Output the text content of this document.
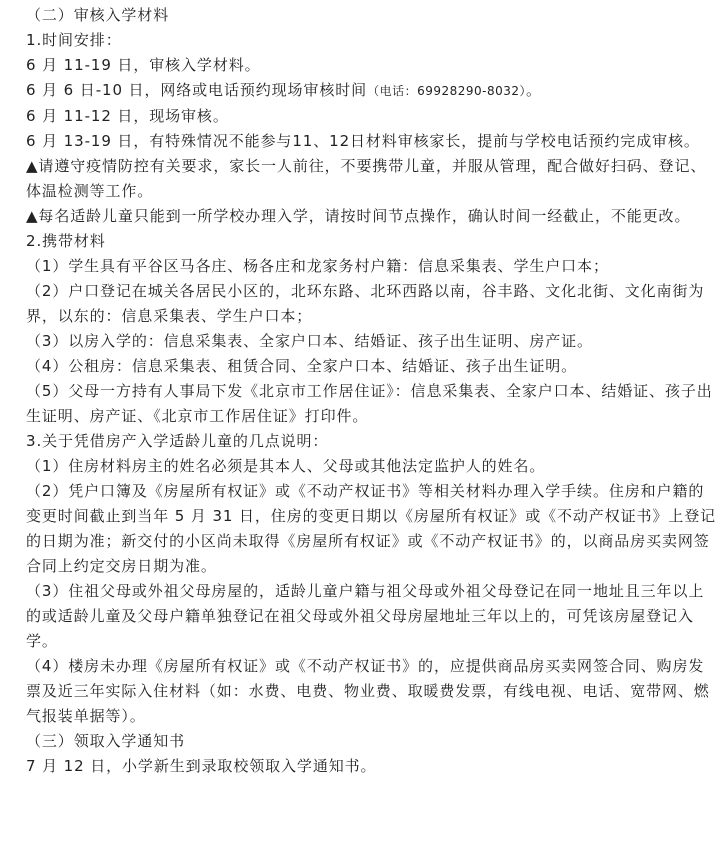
（二）审核入学材料

1.时间安排：

6 月 11-19 日，审核入学材料。

6 月 6 日-10 日，网络或电话预约现场审核时间（电话：69928290-8032）。

6 月 11-12 日，现场审核。

6 月 13-19 日，有特殊情况不能参与11、12日材料审核家长，提前与学校电话预约完成审核。

▲请遵守疫情防控有关要求，家长一人前往，不要携带儿童，并服从管理，配合做好扫码、登记、体温检测等工作。

▲每名适龄儿童只能到一所学校办理入学，请按时间节点操作，确认时间一经截止，不能更改。

2.携带材料

（1）学生具有平谷区马各庄、杨各庄和龙家务村户籍：信息采集表、学生户口本；

（2）户口登记在城关各居民小区的，北环东路、北环西路以南，谷丰路、文化北街、文化南街为界，以东的：信息采集表、学生户口本；

（3）以房入学的：信息采集表、全家户口本、结婚证、孩子出生证明、房产证。

（4）公租房：信息采集表、租赁合同、全家户口本、结婚证、孩子出生证明。

（5）父母一方持有人事局下发《北京市工作居住证》：信息采集表、全家户口本、结婚证、孩子出生证明、房产证、《北京市工作居住证》打印件。

3.关于凭借房产入学适龄儿童的几点说明：

（1）住房材料房主的姓名必须是其本人、父母或其他法定监护人的姓名。

（2）凭户口簿及《房屋所有权证》或《不动产权证书》等相关材料办理入学手续。住房和户籍的变更时间截止到当年 5 月 31 日，住房的变更日期以《房屋所有权证》或《不动产权证书》上登记的日期为准；新交付的小区尚未取得《房屋所有权证》或《不动产权证书》的，以商品房买卖网签合同上约定交房日期为准。

（3）住祖父母或外祖父母房屋的，适龄儿童户籍与祖父母或外祖父母登记在同一地址且三年以上的或适龄儿童及父母户籍单独登记在祖父母或外祖父母房屋地址三年以上的，可凭该房屋登记入学。

（4）楼房未办理《房屋所有权证》或《不动产权证书》的，应提供商品房买卖网签合同、购房发票及近三年实际入住材料（如：水费、电费、物业费、取暖费发票，有线电视、电话、宽带网、燃气报装单据等）。

（三）领取入学通知书

7 月 12 日，小学新生到录取校领取入学通知书。
